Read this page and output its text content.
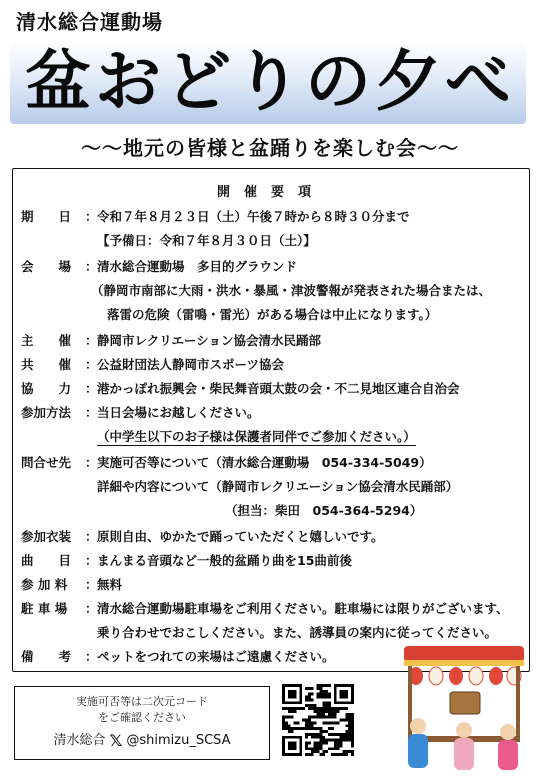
清水総合運動場
盆おどりの夕べ
～～地元の皆様と盆踊りを楽しむ会～～
開催要項
期　　日 ：令和７年８月２３日（土）午後７時から８時３０分まで
【予備日：令和７年８月３０日（土）】
会　　場 ：清水総合運動場　多目的グラウンド
（静岡市南部に大雨・洪水・暴風・津波警報が発表された場合または、
落雷の危険（雷鳴・雷光）がある場合は中止になります。）
主　　催 ：静岡市レクリエーション協会清水民踊部
共　　催 ：公益財団法人静岡市スポーツ協会
協　　力 ：港かっぽれ振興会・柴民舞音頭太鼓の会・不二見地区連合自治会
参加方法 ：当日会場にお越しください。
（中学生以下のお子様は保護者同伴でご参加ください。）
問合せ先 ：実施可否等について（清水総合運動場　054-334-5049）
詳細や内容について（静岡市レクリエーション協会清水民踊部）
（担当：柴田　054-364-5294）
参加衣装 ：原則自由、ゆかたで踊っていただくと嬉しいです。
曲　　目 ：まんまる音頭など一般的盆踊り曲を15曲前後
参 加 料 ：無料
駐 車 場 ：清水総合運動場駐車場をご利用ください。駐車場には限りがございます、
乗り合わせでおこしください。また、誘導員の案内に従ってください。
備　　考 ：ペットをつれての来場はご遠慮ください。
実施可否等は二次元コード
をご確認ください
清水総合 𝕏 @shimizu_SCSA
